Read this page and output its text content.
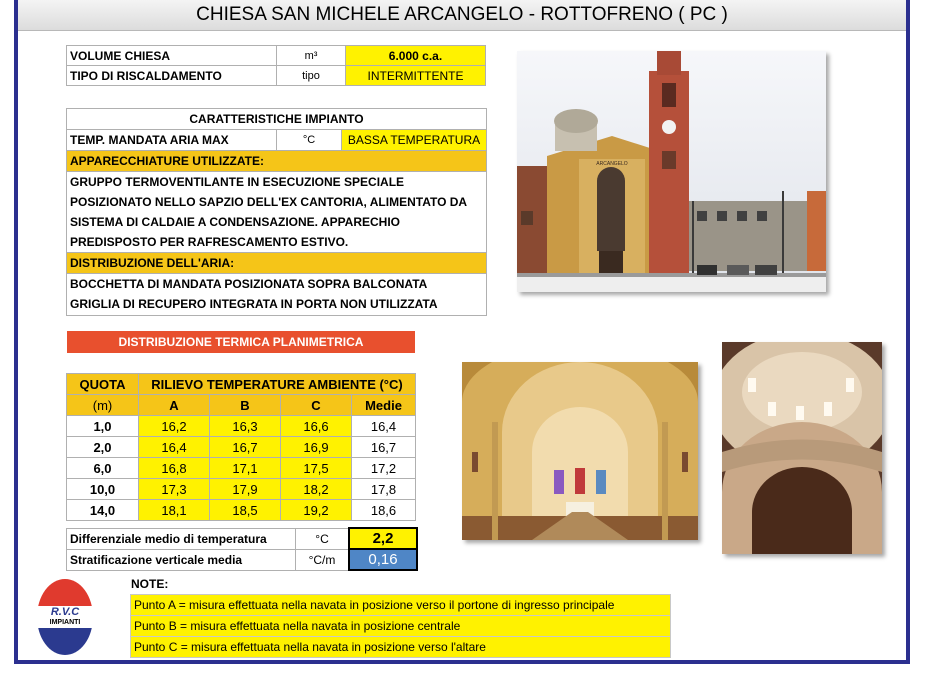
CHIESA SAN MICHELE ARCANGELO - ROTTOFRENO ( PC )
VOLUME CHIESA	m³	6.000 c.a.
TIPO DI RISCALDAMENTO	tipo	INTERMITTENTE
CARATTERISTICHE IMPIANTO
TEMP. MANDATA ARIA MAX	°C	BASSA TEMPERATURA
APPARECCHIATURE UTILIZZATE:
GRUPPO TERMOVENTILANTE IN ESECUZIONE SPECIALE
POSIZIONATO NELLO SAPZIO DELL'EX CANTORIA, ALIMENTATO DA
SISTEMA DI CALDAIE A CONDENSAZIONE. APPARECHIO
PREDISPOSTO PER RAFRESCAMENTO ESTIVO.
DISTRIBUZIONE DELL'ARIA:
BOCCHETTA DI MANDATA POSIZIONATA SOPRA BALCONATA
GRIGLIA DI RECUPERO INTEGRATA IN PORTA NON UTILIZZATA
DISTRIBUZIONE TERMICA PLANIMETRICA
QUOTA	RILIEVO TEMPERATURE AMBIENTE (°C)			
(m)	A	B	C	Medie
1,0	16,2	16,3	16,6	16,4
2,0	16,4	16,7	16,9	16,7
6,0	16,8	17,1	17,5	17,2
10,0	17,3	17,9	18,2	17,8
14,0	18,1	18,5	19,2	18,6
Differenziale medio di temperatura	°C	2,2
Stratificazione verticale media	°C/m	0,16
NOTE:
Punto A = misura effettuata nella navata in posizione verso il portone di ingresso principale
Punto B = misura effettuata nella navata in posizione centrale
Punto C = misura effettuata nella navata in posizione verso l'altare
R.V.C
IMPIANTI
ARCANGELO
